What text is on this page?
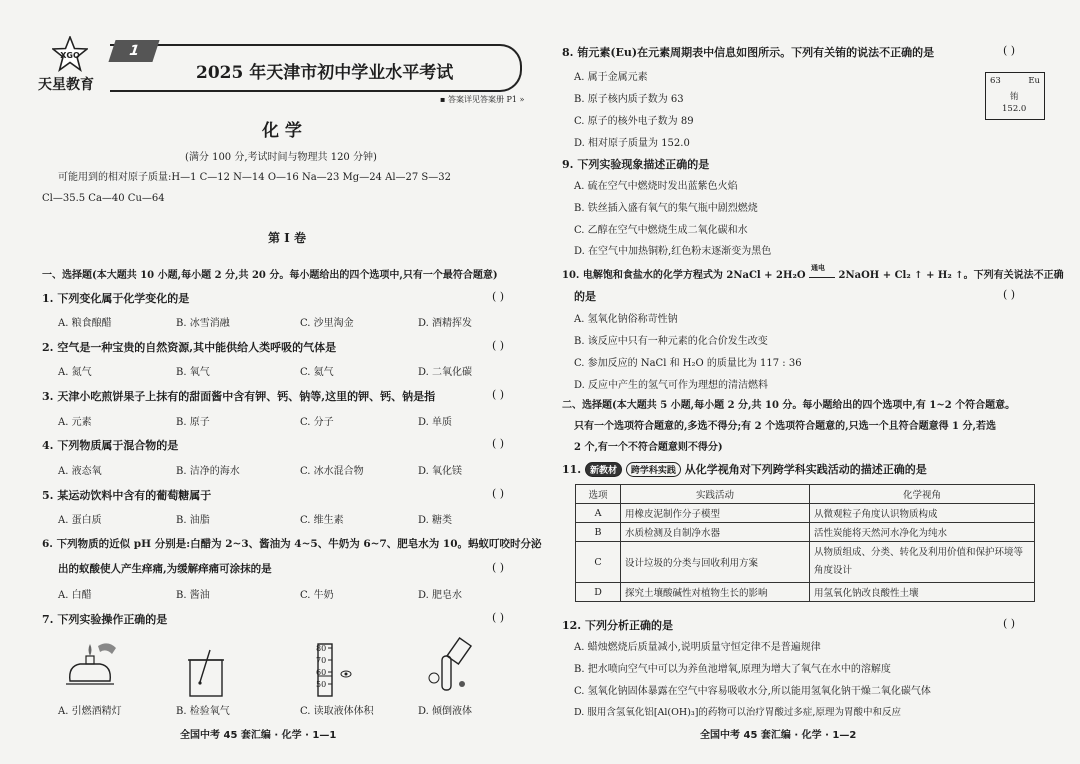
XGO
天星教育
1
2025 年天津市初中学业水平考试
▪ 答案详见答案册 P1 »
化 学
(满分 100 分,考试时间与物理共 120 分钟)
可能用到的相对原子质量:H—1 C—12 N—14 O—16 Na—23 Mg—24 Al—27 S—32
Cl—35.5 Ca—40 Cu—64
第 I 卷
一、选择题(本大题共 10 小题,每小题 2 分,共 20 分。每小题给出的四个选项中,只有一个最符合题意)
1. 下列变化属于化学变化的是	( )
A. 粮食酿醋	B. 冰雪消融	C. 沙里淘金	D. 酒精挥发
2. 空气是一种宝贵的自然资源,其中能供给人类呼吸的气体是	( )
A. 氮气	B. 氧气	C. 氦气	D. 二氧化碳
3. 天津小吃煎饼果子上抹有的甜面酱中含有钾、钙、钠等,这里的钾、钙、钠是指	( )
A. 元素	B. 原子	C. 分子	D. 单质
4. 下列物质属于混合物的是	( )
A. 液态氧	B. 洁净的海水	C. 冰水混合物	D. 氧化镁
5. 某运动饮料中含有的葡萄糖属于	( )
A. 蛋白质	B. 油脂	C. 维生素	D. 糖类
6. 下列物质的近似 pH 分别是:白醋为 2~3、酱油为 4~5、牛奶为 6~7、肥皂水为 10。蚂蚁叮咬时分泌
出的蚁酸使人产生痒痛,为缓解痒痛可涂抹的是	( )
A. 白醋	B. 酱油	C. 牛奶	D. 肥皂水
7. 下列实验操作正确的是	( )
80
70
60
50
A. 引燃酒精灯	B. 检验氧气	C. 读取液体体积	D. 倾倒液体
全国中考 45 套汇编 · 化学 · 1—1
8. 铕元素(Eu)在元素周期表中信息如图所示。下列有关铕的说法不正确的是	( )
A. 属于金属元素
B. 原子核内质子数为 63
C. 原子的核外电子数为 89
D. 相对原子质量为 152.0
63	Eu
铕
152.0
9. 下列实验现象描述正确的是
A. 硫在空气中燃烧时发出蓝紫色火焰
B. 铁丝插入盛有氧气的集气瓶中剧烈燃烧
C. 乙醇在空气中燃烧生成二氧化碳和水
D. 在空气中加热铜粉,红色粉末逐渐变为黑色
10. 电解饱和食盐水的化学方程式为 2NaCl + 2H₂O
通电
2NaOH + Cl₂ ↑ + H₂ ↑。下列有关说法不正确
的是	( )
A. 氢氧化钠俗称苛性钠
B. 该反应中只有一种元素的化合价发生改变
C. 参加反应的 NaCl 和 H₂O 的质量比为 117 : 36
D. 反应中产生的氢气可作为理想的清洁燃料
二、选择题(本大题共 5 小题,每小题 2 分,共 10 分。每小题给出的四个选项中,有 1~2 个符合题意。
只有一个选项符合题意的,多选不得分;有 2 个选项符合题意的,只选一个且符合题意得 1 分,若选
2 个,有一个不符合题意则不得分)
11. 新教材 跨学科实践 从化学视角对下列跨学科实践活动的描述正确的是
选项	实践活动	化学视角
A	用橡皮泥制作分子模型	从微观粒子角度认识物质构成
B	水质检测及自制净水器	活性炭能将天然河水净化为纯水
C	设计垃圾的分类与回收利用方案	从物质组成、分类、转化及利用价值和保护环境等角度设计
D	探究土壤酸碱性对植物生长的影响	用氢氧化钠改良酸性土壤
12. 下列分析正确的是	( )
A. 蜡烛燃烧后质量减小,说明质量守恒定律不是普遍规律
B. 把水喷向空气中可以为养鱼池增氧,原理为增大了氧气在水中的溶解度
C. 氢氧化钠固体暴露在空气中容易吸收水分,所以能用氢氧化钠干燥二氧化碳气体
D. 服用含氢氧化铝[Al(OH)₃]的药物可以治疗胃酸过多症,原理为胃酸中和反应
全国中考 45 套汇编 · 化学 · 1—2
